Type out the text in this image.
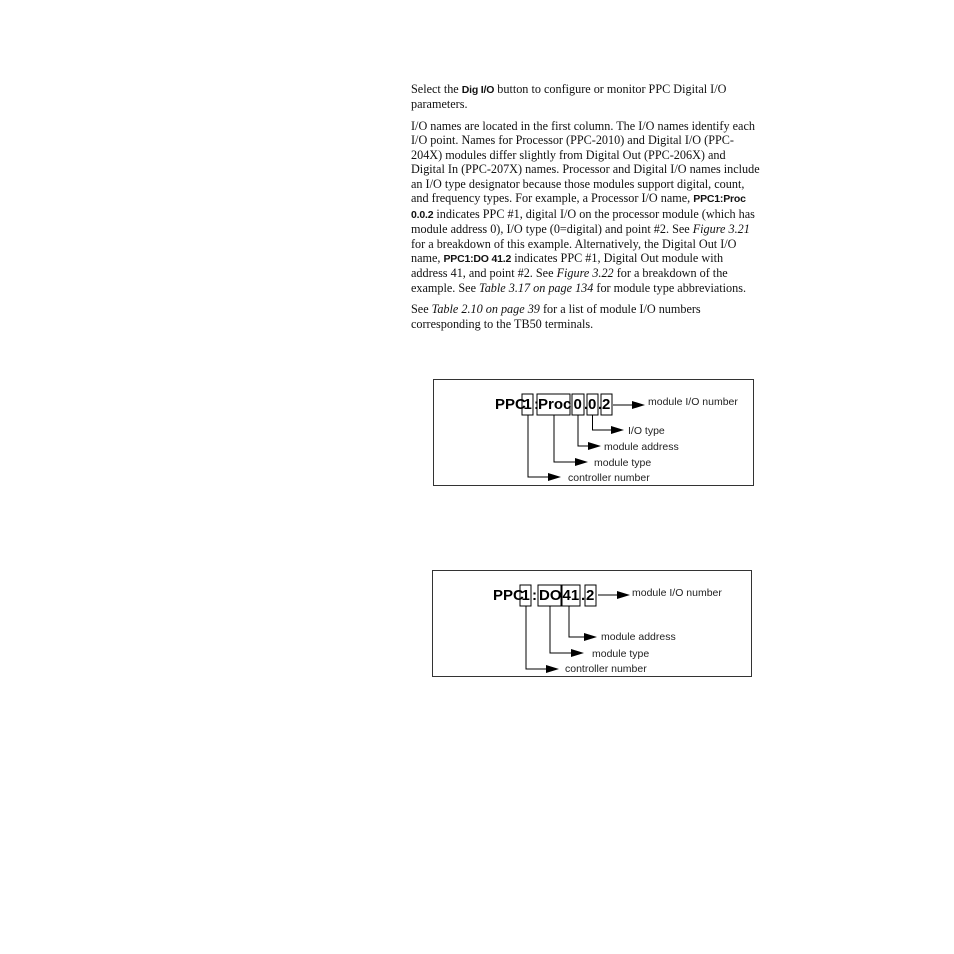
Select the Dig I/O button to configure or monitor PPC Digital I/O parameters.

I/O names are located in the first column. The I/O names identify each I/O point. Names for Processor (PPC-2010) and Digital I/O (PPC-204X) modules differ slightly from Digital Out (PPC-206X) and Digital In (PPC-207X) names. Processor and Digital I/O names include an I/O type designator because those modules support digital, count, and frequency types. For example, a Processor I/O name, PPC1:Proc 0.0.2 indicates PPC #1, digital I/O on the processor module (which has module address 0), I/O type (0=digital) and point #2. See Figure 3.21 for a breakdown of this example. Alternatively, the Digital Out I/O name, PPC1:DO 41.2 indicates PPC #1, Digital Out module with address 41, and point #2. See Figure 3.22 for a breakdown of the example. See Table 3.17 on page 134 for module type abbreviations.

See Table 2.10 on page 39 for a list of module I/O numbers corresponding to the TB50 terminals.

PPC
1 : Proc 0 . 0 . 2	module I/O number
I/O type
module address
module type
controller number
PPC
1 : DO 41 . 2	module I/O number
module address
module type
controller number
